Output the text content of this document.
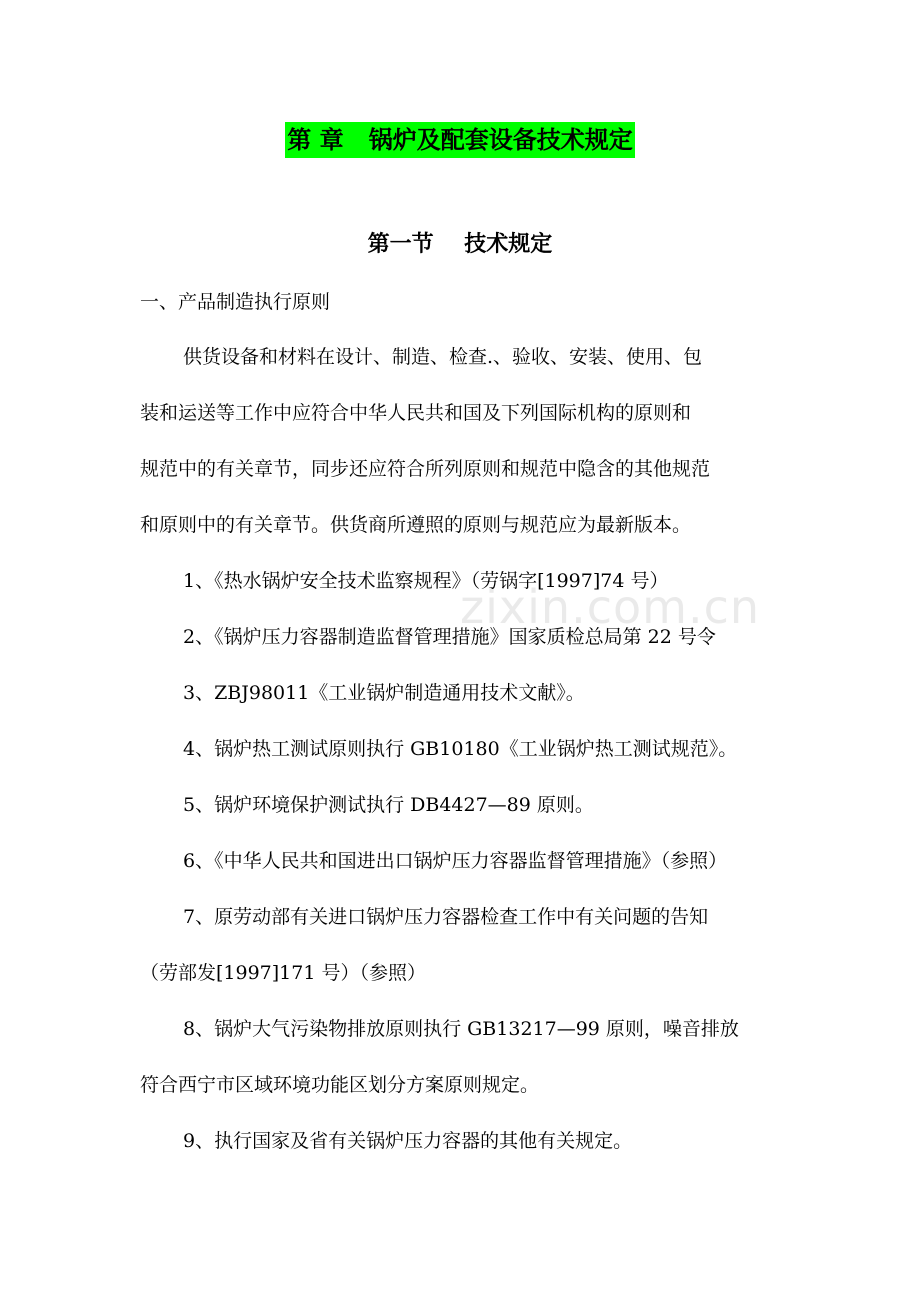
zixin.com.cn
第 章   锅炉及配套设备技术规定
第一节    技术规定
一、产品制造执行原则
供货设备和材料在设计、制造、检查.、验收、安装、使用、包
装和运送等工作中应符合中华人民共和国及下列国际机构的原则和
规范中的有关章节，同步还应符合所列原则和规范中隐含的其他规范
和原则中的有关章节。供货商所遵照的原则与规范应为最新版本。
1、《热水锅炉安全技术监察规程》（劳锅字[1997]74 号）
2、《锅炉压力容器制造监督管理措施》国家质检总局第 22 号令
3、ZBJ98011《工业锅炉制造通用技术文献》。
4、锅炉热工测试原则执行 GB10180《工业锅炉热工测试规范》。
5、锅炉环境保护测试执行 DB4427—89 原则。
6、《中华人民共和国进出口锅炉压力容器监督管理措施》（参照）
7、原劳动部有关进口锅炉压力容器检查工作中有关问题的告知
（劳部发[1997]171 号）（参照）
8、锅炉大气污染物排放原则执行 GB13217—99 原则，噪音排放
符合西宁市区域环境功能区划分方案原则规定。
9、执行国家及省有关锅炉压力容器的其他有关规定。
